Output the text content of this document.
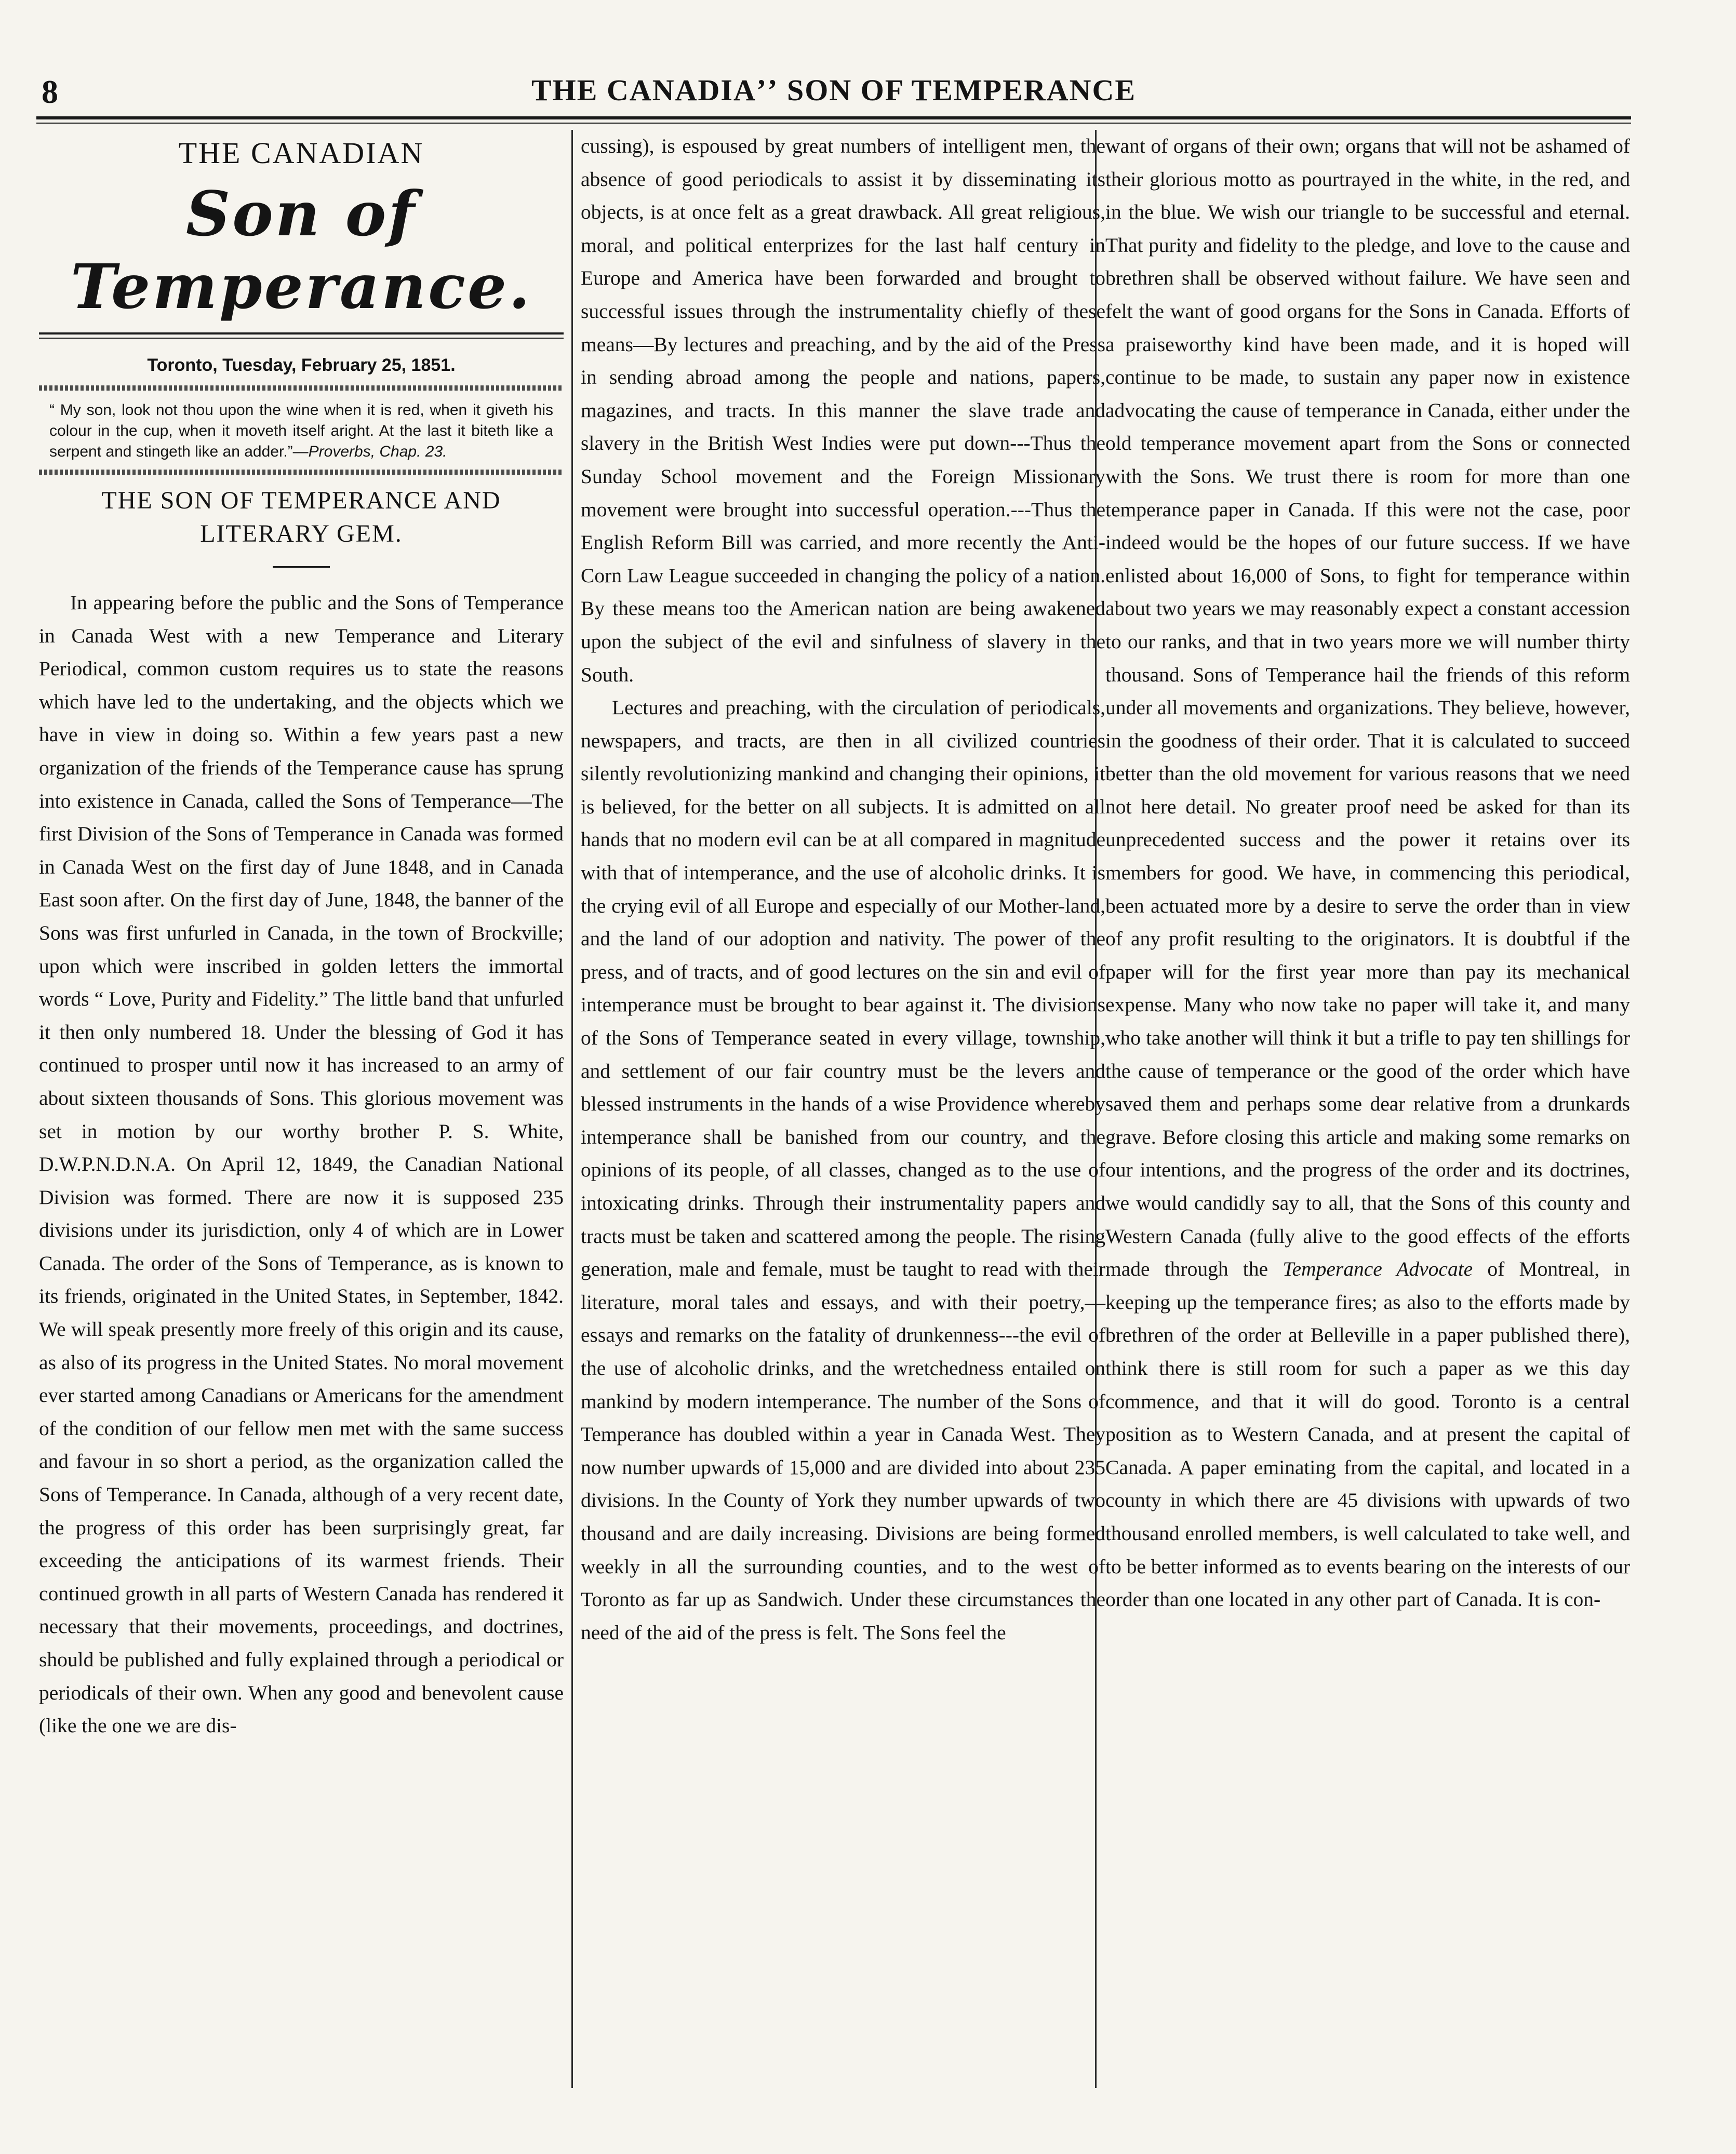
8	THE CANADIAʼʼ SON OF TEMPERANCE
THE CANADIAN
Son of Temperance.
Toronto, Tuesday, February 25, 1851.
“ My son, look not thou upon the wine when it is red, when it giveth his colour in the cup, when it moveth itself aright. At the last it biteth like a serpent and stingeth like an adder.”—Proverbs, Chap. 23.
THE SON OF TEMPERANCE AND LITERARY GEM.

In appearing before the public and the Sons of Temperance in Canada West with a new Temperance and Literary Periodical, common custom requires us to state the reasons which have led to the undertaking, and the objects which we have in view in doing so. Within a few years past a new organization of the friends of the Temperance cause has sprung into existence in Canada, called the Sons of Temperance—The first Division of the Sons of Temperance in Canada was formed in Canada West on the first day of June 1848, and in Canada East soon after. On the first day of June, 1848, the banner of the Sons was first unfurled in Canada, in the town of Brockville; upon which were inscribed in golden letters the immortal words “ Love, Purity and Fidelity.” The little band that unfurled it then only numbered 18. Under the blessing of God it has continued to prosper until now it has increased to an army of about sixteen thousands of Sons. This glorious movement was set in motion by our worthy brother P. S. White, D.W.P.N.D.N.A. On April 12, 1849, the Canadian National Division was formed. There are now it is supposed 235 divisions under its jurisdiction, only 4 of which are in Lower Canada. The order of the Sons of Temperance, as is known to its friends, originated in the United States, in September, 1842. We will speak presently more freely of this origin and its cause, as also of its progress in the United States. No moral movement ever started among Canadians or Americans for the amendment of the condition of our fellow men met with the same success and favour in so short a period, as the organization called the Sons of Temperance. In Canada, although of a very recent date, the progress of this order has been surprisingly great, far exceeding the anticipations of its warmest friends. Their continued growth in all parts of Western Canada has rendered it necessary that their movements, proceedings, and doctrines, should be published and fully explained through a periodical or periodicals of their own. When any good and benevolent cause (like the one we are dis-

cussing), is espoused by great numbers of intelligent men, the absence of good periodicals to assist it by disseminating its objects, is at once felt as a great drawback. All great religious, moral, and political enterprizes for the last half century in Europe and America have been forwarded and brought to successful issues through the instrumentality chiefly of these means—By lectures and preaching, and by the aid of the Press in sending abroad among the people and nations, papers, magazines, and tracts. In this manner the slave trade and slavery in the British West Indies were put down---Thus the Sunday School movement and the Foreign Missionary movement were brought into successful operation.---Thus the English Reform Bill was carried, and more recently the Anti-Corn Law League succeeded in changing the policy of a nation. By these means too the American nation are being awakened upon the subject of the evil and sinfulness of slavery in the South.

Lectures and preaching, with the circulation of periodicals, newspapers, and tracts, are then in all civilized countries silently revolutionizing mankind and changing their opinions, it is believed, for the better on all subjects. It is admitted on all hands that no modern evil can be at all compared in magnitude with that of intemperance, and the use of alcoholic drinks. It is the crying evil of all Europe and especially of our Mother-land, and the land of our adoption and nativity. The power of the press, and of tracts, and of good lectures on the sin and evil of intemperance must be brought to bear against it. The divisions of the Sons of Temperance seated in every village, township, and settlement of our fair country must be the levers and blessed instruments in the hands of a wise Providence whereby intemperance shall be banished from our country, and the opinions of its people, of all classes, changed as to the use of intoxicating drinks. Through their instrumentality papers and tracts must be taken and scattered among the people. The rising generation, male and female, must be taught to read with their literature, moral tales and essays, and with their poetry,—essays and remarks on the fatality of drunkenness---the evil of the use of alcoholic drinks, and the wretchedness entailed on mankind by modern intemperance. The number of the Sons of Temperance has doubled within a year in Canada West. They now number upwards of 15,000 and are divided into about 235 divisions. In the County of York they number upwards of two thousand and are daily increasing. Divisions are being formed weekly in all the surrounding counties, and to the west of Toronto as far up as Sandwich. Under these circumstances the need of the aid of the press is felt. The Sons feel the

want of organs of their own; organs that will not be ashamed of their glorious motto as pourtrayed in the white, in the red, and in the blue. We wish our triangle to be successful and eternal. That purity and fidelity to the pledge, and love to the cause and brethren shall be observed without failure. We have seen and felt the want of good organs for the Sons in Canada. Efforts of a praiseworthy kind have been made, and it is hoped will continue to be made, to sustain any paper now in existence advocating the cause of temperance in Canada, either under the old temperance movement apart from the Sons or connected with the Sons. We trust there is room for more than one temperance paper in Canada. If this were not the case, poor indeed would be the hopes of our future success. If we have enlisted about 16,000 of Sons, to fight for temperance within about two years we may reasonably expect a constant accession to our ranks, and that in two years more we will number thirty thousand. Sons of Temperance hail the friends of this reform under all movements and organizations. They believe, however, in the goodness of their order. That it is calculated to succeed better than the old movement for various reasons that we need not here detail. No greater proof need be asked for than its unprecedented success and the power it retains over its members for good. We have, in commencing this periodical, been actuated more by a desire to serve the order than in view of any profit resulting to the originators. It is doubtful if the paper will for the first year more than pay its mechanical expense. Many who now take no paper will take it, and many who take another will think it but a trifle to pay ten shillings for the cause of temperance or the good of the order which have saved them and perhaps some dear relative from a drunkards grave. Before closing this article and making some remarks on our intentions, and the progress of the order and its doctrines, we would candidly say to all, that the Sons of this county and Western Canada (fully alive to the good effects of the efforts made through the Temperance Advocate of Montreal, in keeping up the temperance fires; as also to the efforts made by brethren of the order at Belleville in a paper published there), think there is still room for such a paper as we this day commence, and that it will do good. Toronto is a central position as to Western Canada, and at present the capital of Canada. A paper eminating from the capital, and located in a county in which there are 45 divisions with upwards of two thousand enrolled members, is well calculated to take well, and to be better informed as to events bearing on the interests of our order than one located in any other part of Canada. It is con-
